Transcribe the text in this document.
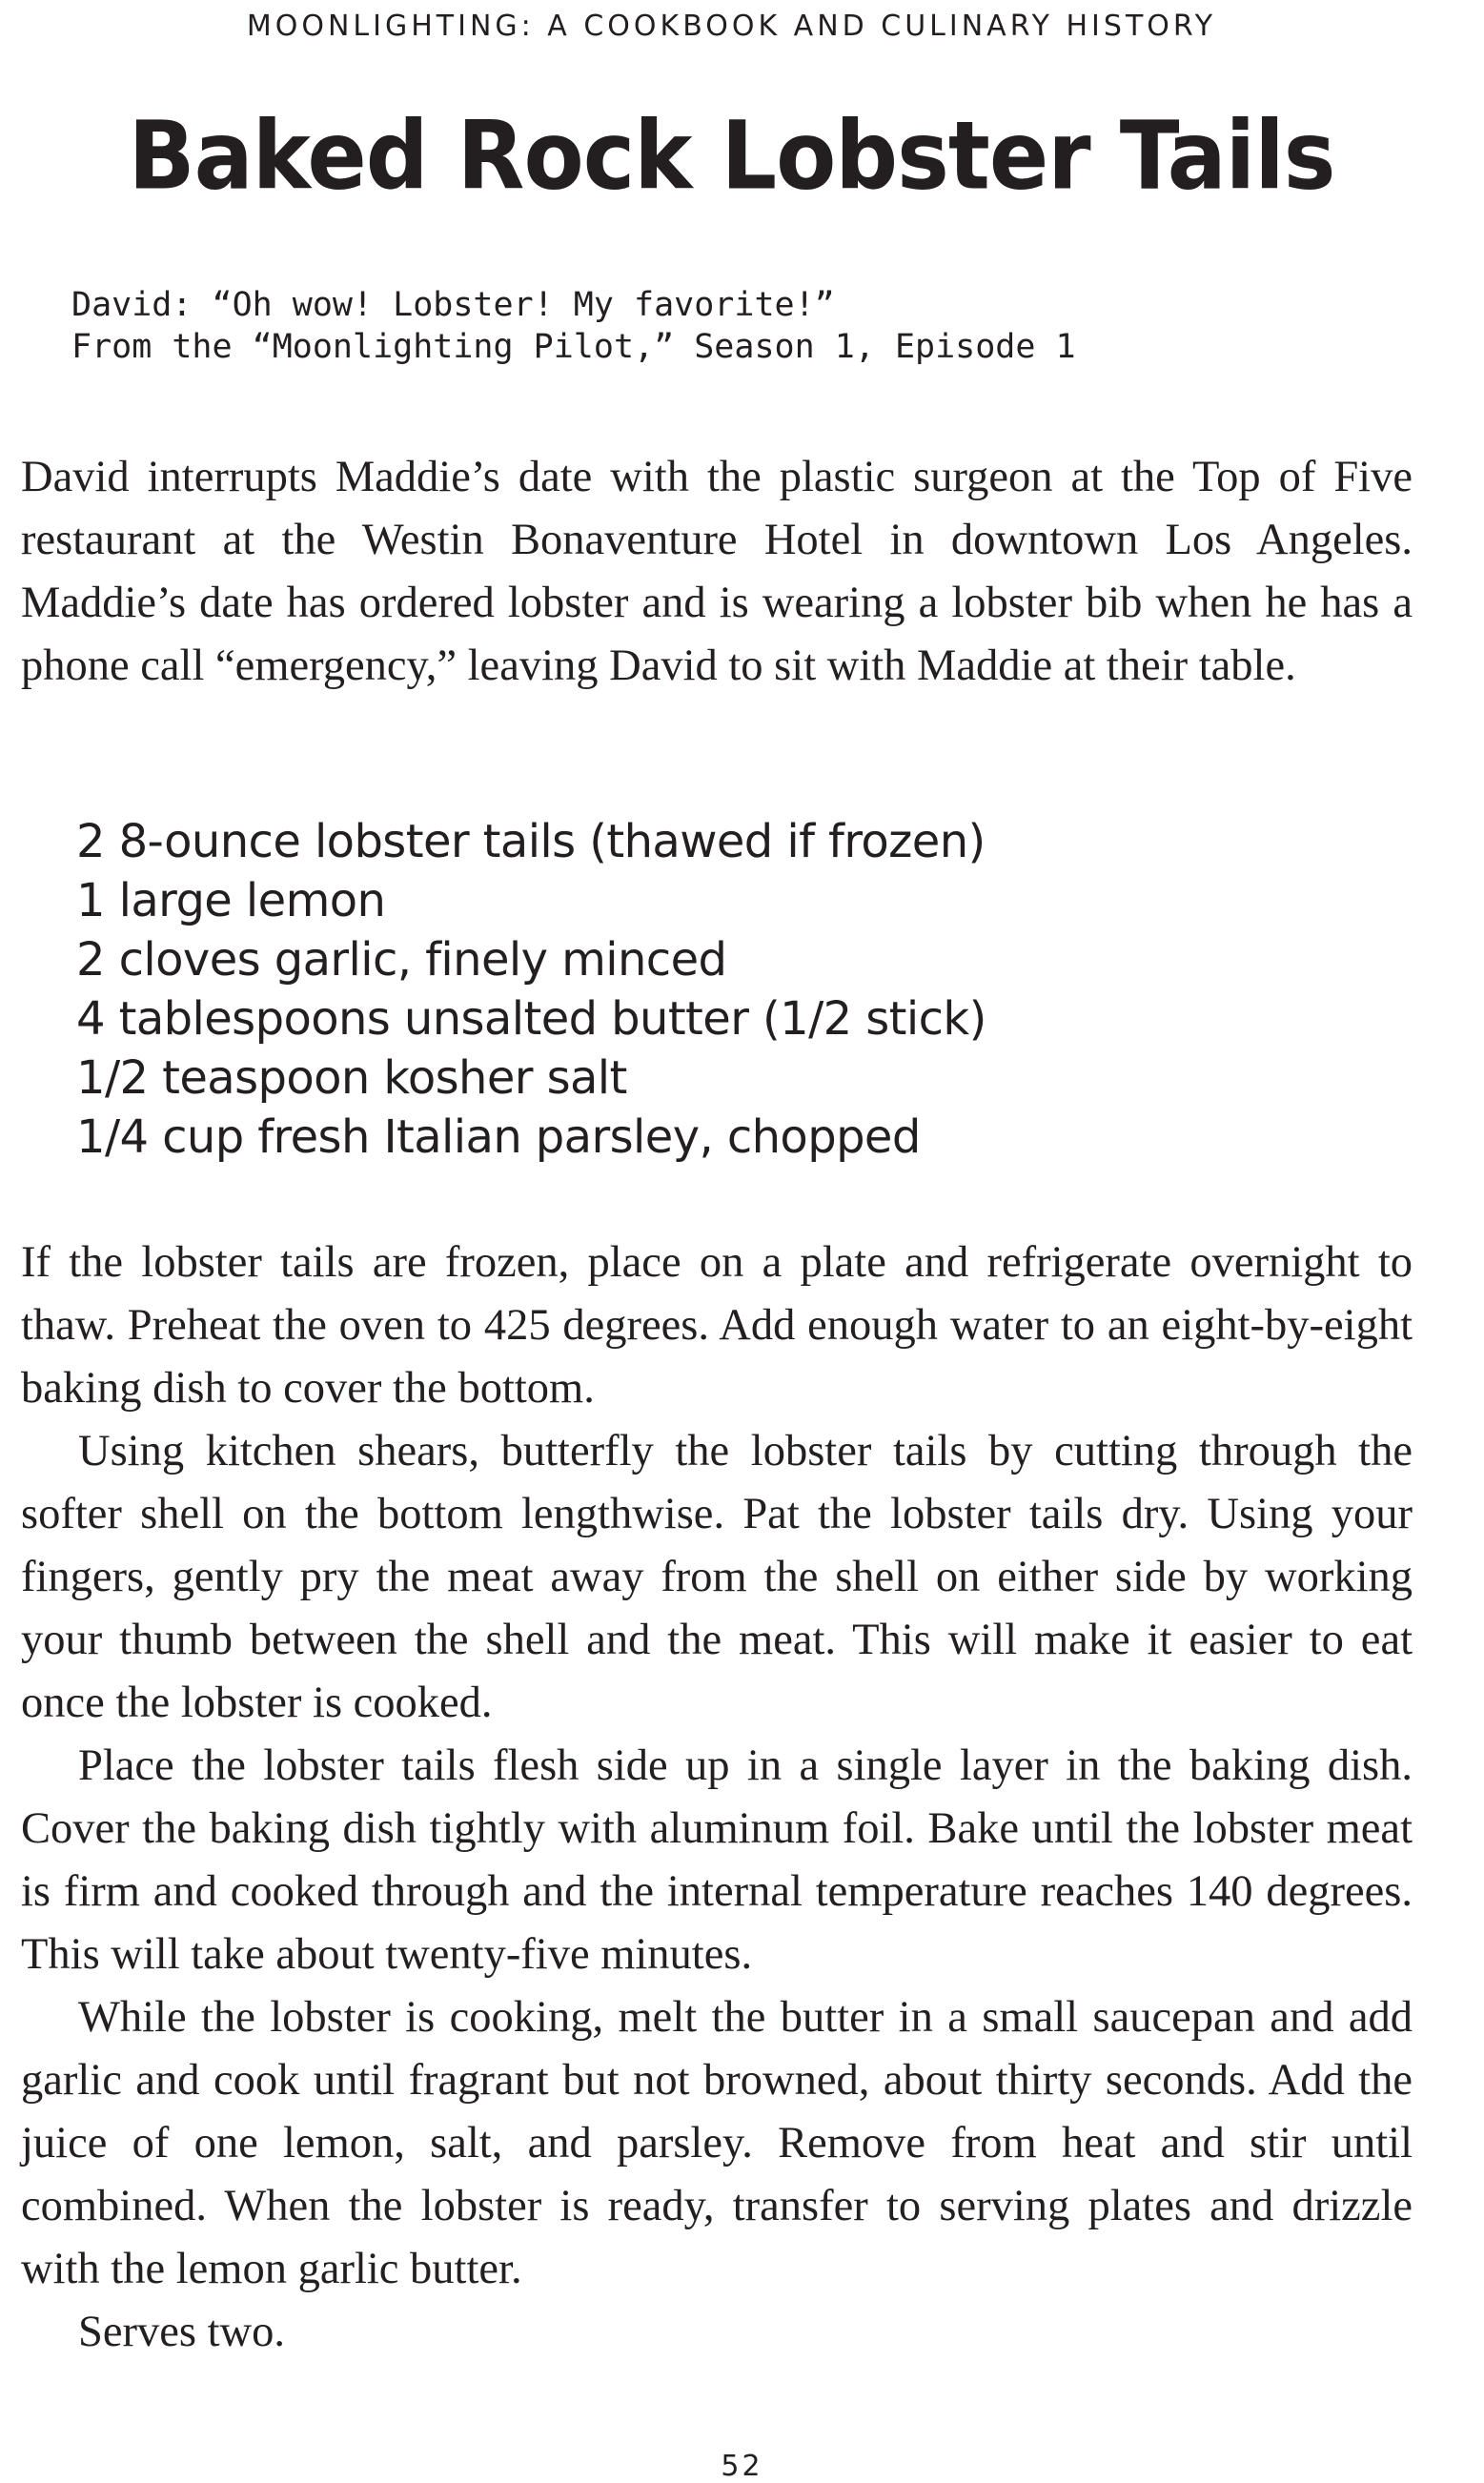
MOONLIGHTING: A COOKBOOK AND CULINARY HISTORY
Baked Rock Lobster Tails
David: “Oh wow! Lobster! My favorite!”
From the “Moonlighting Pilot,” Season 1, Episode 1

David interrupts Maddie’s date with the plastic surgeon at the Top of Five restaurant at the Westin Bonaventure Hotel in downtown Los Angeles. Maddie’s date has ordered lobster and is wearing a lobster bib when he has a phone call “emergency,” leaving David to sit with Maddie at their table.

2 8-ounce lobster tails (thawed if frozen)
1 large lemon
2 cloves garlic, finely minced
4 tablespoons unsalted butter (1/2 stick)
1/2 teaspoon kosher salt
1/4 cup fresh Italian parsley, chopped

If the lobster tails are frozen, place on a plate and refrigerate overnight to thaw. Preheat the oven to 425 degrees. Add enough water to an eight-by-eight baking dish to cover the bottom.

Using kitchen shears, butterfly the lobster tails by cutting through the softer shell on the bottom lengthwise. Pat the lobster tails dry. Using your fingers, gently pry the meat away from the shell on either side by working your thumb between the shell and the meat. This will make it easier to eat once the lobster is cooked.

Place the lobster tails flesh side up in a single layer in the baking dish. Cover the baking dish tightly with aluminum foil. Bake until the lobster meat is firm and cooked through and the internal temperature reaches 140 degrees. This will take about twenty-five minutes.

While the lobster is cooking, melt the butter in a small saucepan and add garlic and cook until fragrant but not browned, about thirty seconds. Add the juice of one lemon, salt, and parsley. Remove from heat and stir until combined. When the lobster is ready, transfer to serving plates and drizzle with the lemon garlic butter.

Serves two.

52
